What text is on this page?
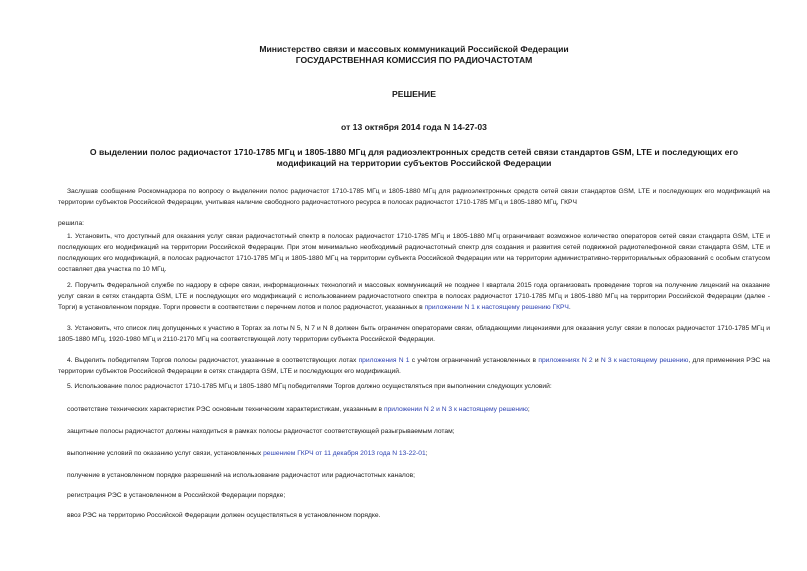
Министерство связи и массовых коммуникаций Российской Федерации
ГОСУДАРСТВЕННАЯ КОМИССИЯ ПО РАДИОЧАСТОТАМ
РЕШЕНИЕ
от 13 октября 2014 года N 14-27-03
О выделении полос радиочастот 1710-1785 МГц и 1805-1880 МГц для радиоэлектронных средств сетей связи стандартов GSM, LTE и последующих его
модификаций на территории субъектов Российской Федерации
Заслушав сообщение Роскомнадзора по вопросу о выделении полос радиочастот 1710-1785 МГц и 1805-1880 МГц для радиоэлектронных средств сетей связи стандартов GSM, LTE и последующих его модификаций на территории субъектов Российской Федерации, учитывая наличие свободного радиочастотного ресурса в полосах радиочастот 1710-1785 МГц и 1805-1880 МГц, ГКРЧ
решила:
1. Установить, что доступный для оказания услуг связи радиочастотный спектр в полосах радиочастот 1710-1785 МГц и 1805-1880 МГц ограничивает возможное количество операторов сетей связи стандарта GSM, LTE и последующих его модификаций на территории Российской Федерации. При этом минимально необходимый радиочастотный спектр для создания и развития сетей подвижной радиотелефонной связи стандарта GSM, LTE и последующих его модификаций, в полосах радиочастот 1710-1785 МГц и 1805-1880 МГц на территории субъекта Российской Федерации или на территории административно-территориальных образований с особым статусом составляет два участка по 10 МГц.
2. Поручить Федеральной службе по надзору в сфере связи, информационных технологий и массовых коммуникаций не позднее I квартала 2015 года организовать проведение торгов на получение лицензий на оказание услуг связи в сетях стандарта GSM, LTE и последующих его модификаций с использованием радиочастотного спектра в полосах радиочастот 1710-1785 МГц и 1805-1880 МГц на территории Российской Федерации (далее - Торги) в установленном порядке. Торги провести в соответствии с перечнем лотов и полос радиочастот, указанных в приложении N 1 к настоящему решению ГКРЧ.
3. Установить, что список лиц допущенных к участию в Торгах за лоты N 5, N 7 и N 8 должен быть ограничен операторами связи, обладающими лицензиями для оказания услуг связи в полосах радиочастот 1710-1785 МГц и 1805-1880 МГц, 1920-1980 МГц и 2110-2170 МГц на соответствующей лоту территории субъекта Российской Федерации.
4. Выделить победителям Торгов полосы радиочастот, указанные в соответствующих лотах приложения N 1 с учётом ограничений установленных в приложениях N 2 и N 3 к настоящему решению, для применения РЭС на территории субъектов Российской Федерации в сетях стандарта GSM, LTE и последующих его модификаций.
5. Использование полос радиочастот 1710-1785 МГц и 1805-1880 МГц победителями Торгов должно осуществляться при выполнении следующих условий:
соответствие технических характеристик РЭС основным техническим характеристикам, указанным в приложении N 2 и N 3 к настоящему решению;
защитные полосы радиочастот должны находиться в рамках полосы радиочастот соответствующей разыгрываемым лотам;
выполнение условий по оказанию услуг связи, установленных решением ГКРЧ от 11 декабря 2013 года N 13-22-01;
получение в установленном порядке разрешений на использование радиочастот или радиочастотных каналов;
регистрация РЭС в установленном в Российской Федерации порядке;
ввоз РЭС на территорию Российской Федерации должен осуществляться в установленном порядке.
